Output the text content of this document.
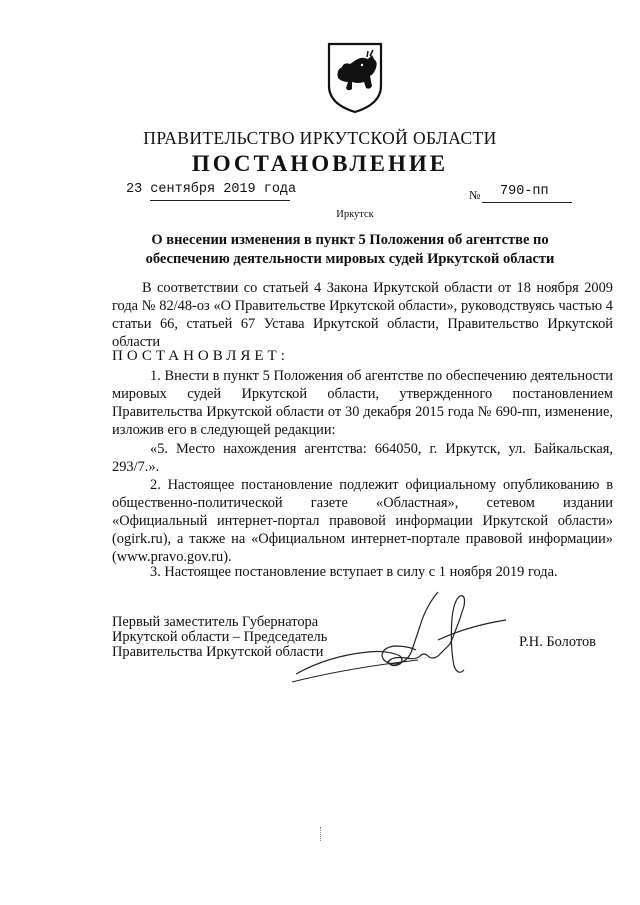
ПРАВИТЕЛЬСТВО ИРКУТСКОЙ ОБЛАСТИ
ПОСТАНОВЛЕНИЕ
23 сентября 2019 года	№ 790-пп
Иркутск
О внесении изменения в пункт 5 Положения об агентстве по обеспечению деятельности мировых судей Иркутской области

В соответствии со статьей 4 Закона Иркутской области от 18 ноября 2009 года № 82/48-оз «О Правительстве Иркутской области», руководствуясь частью 4 статьи 66, статьей 67 Устава Иркутской области, Правительство Иркутской области

ПОСТАНОВЛЯЕТ:

1. Внести в пункт 5 Положения об агентстве по обеспечению деятельности мировых судей Иркутской области, утвержденного постановлением Правительства Иркутской области от 30 декабря 2015 года № 690-пп, изменение, изложив его в следующей редакции:

«5. Место нахождения агентства: 664050, г. Иркутск, ул. Байкальская, 293/7.».

2. Настоящее постановление подлежит официальному опубликованию в общественно-политической газете «Областная», сетевом издании «Официальный интернет-портал правовой информации Иркутской области» (ogirk.ru), а также на «Официальном интернет-портале правовой информации» (www.pravo.gov.ru).

3. Настоящее постановление вступает в силу с 1 ноября 2019 года.

Первый заместитель Губернатора
Иркутской области – Председатель
Правительства Иркутской области
Р.Н. Болотов
